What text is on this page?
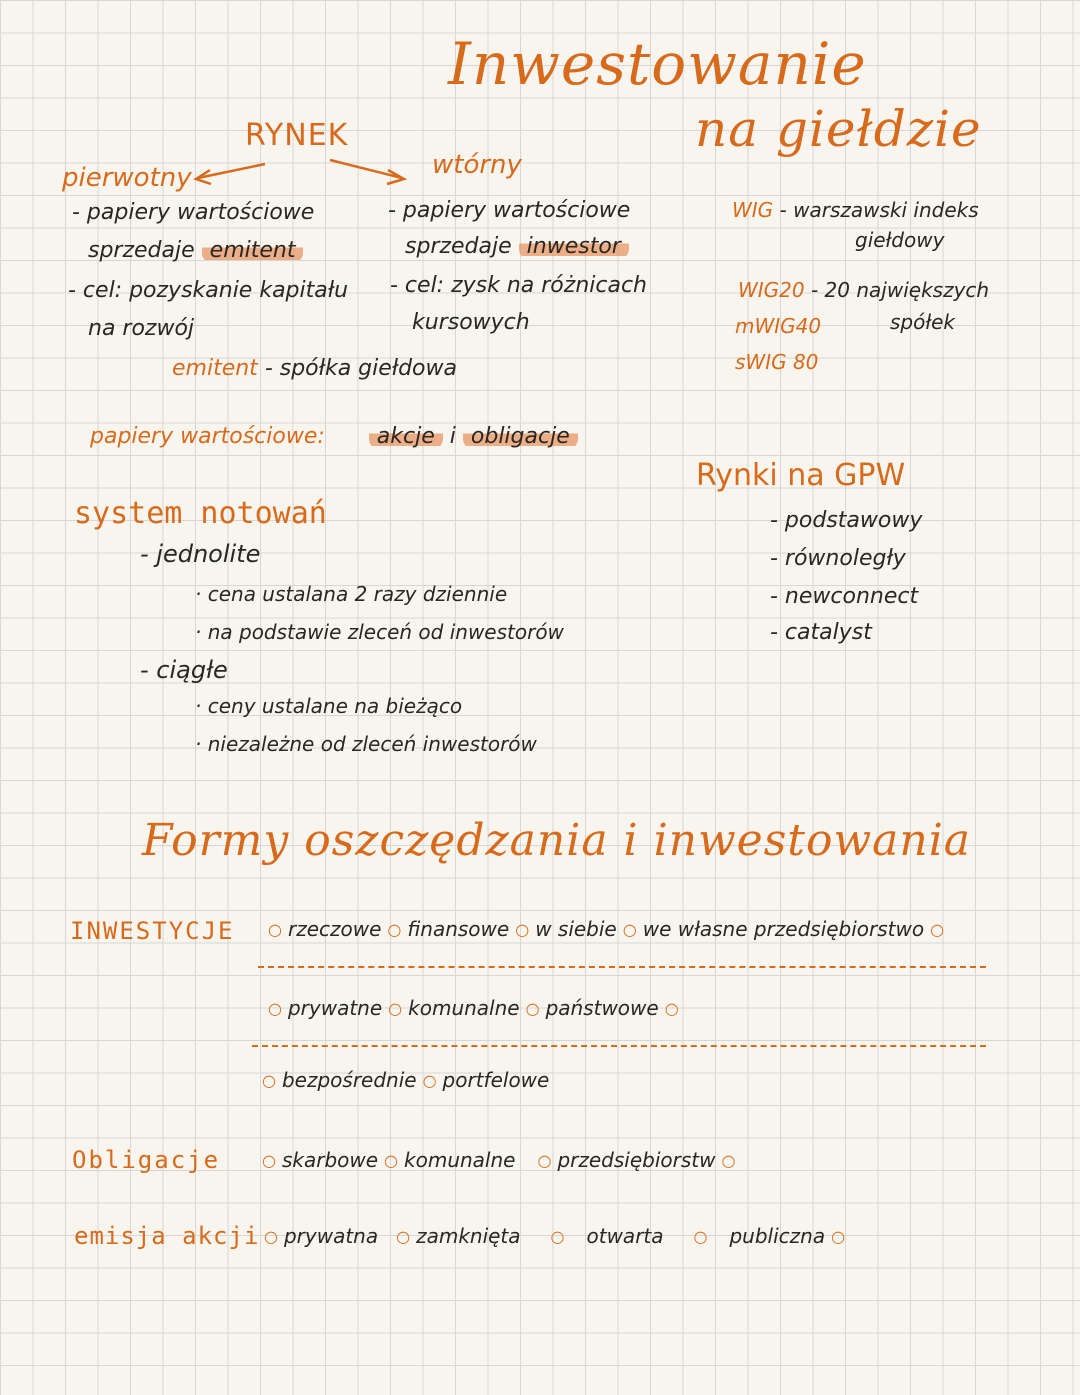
Inwestowanie
na giełdzie
RYNEK
pierwotny	wtórny
- papiery wartościowe
sprzedaje emitent
- cel: pozyskanie kapitału
na rozwój
- papiery wartościowe
sprzedaje inwestor
- cel: zysk na różnicach
kursowych
emitent - spółka giełdowa
WIG - warszawski indeks
giełdowy
WIG20 - 20 największych
spółek
mWIG40
sWIG 80
papiery wartościowe: akcje i obligacje
Rynki na GPW
- podstawowy
- równoległy
- newconnect
- catalyst
system notowań
- jednolite
· cena ustalana 2 razy dziennie
· na podstawie zleceń od inwestorów
- ciągłe
· ceny ustalane na bieżąco
· niezależne od zleceń inwestorów
Formy oszczędzania i inwestowania
INWESTYCJE ○ rzeczowe ○ finansowe ○ w siebie ○ we własne przedsiębiorstwo ○
○ prywatne ○ komunalne ○ państwowe ○
○ bezpośrednie ○ portfelowe
Obligacje	○ skarbowe ○ komunalne ○ przedsiębiorstw ○
emisja akcji ○ prywatna ○ zamknięta ○ otwarta ○ publiczna ○
